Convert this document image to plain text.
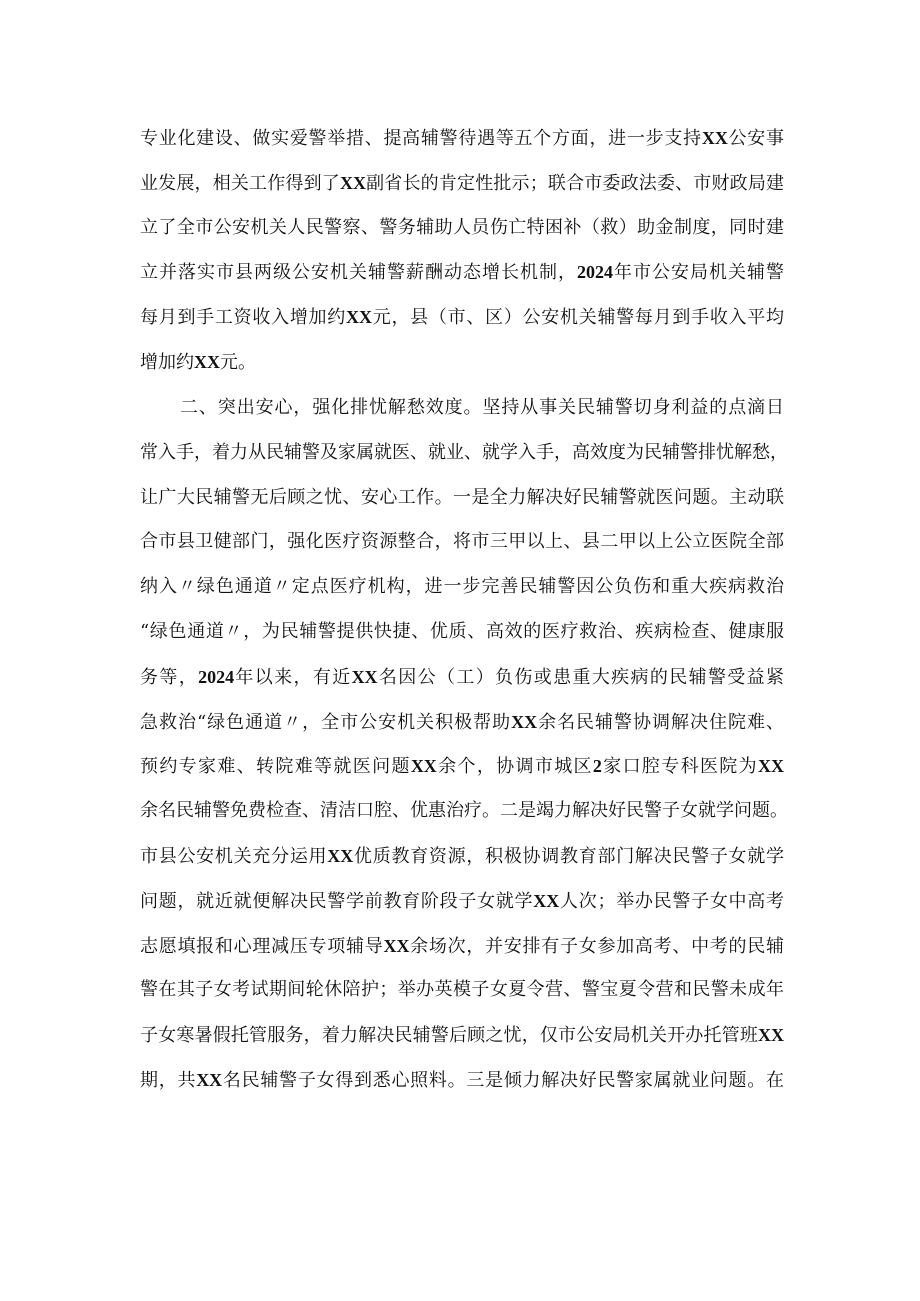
专业化建设、做实爱警举措、提高辅警待遇等五个方面，进一步支持XX公安事
业发展，相关工作得到了XX副省长的肯定性批示；联合市委政法委、市财政局建
立了全市公安机关人民警察、警务辅助人员伤亡特困补（救）助金制度，同时建
立并落实市县两级公安机关辅警薪酬动态增长机制，2024年市公安局机关辅警
每月到手工资收入增加约XX元，县（市、区）公安机关辅警每月到手收入平均
增加约XX元。
二、突出安心，强化排忧解愁效度。坚持从事关民辅警切身利益的点滴日
常入手，着力从民辅警及家属就医、就业、就学入手，高效度为民辅警排忧解愁，
让广大民辅警无后顾之忧、安心工作。一是全力解决好民辅警就医问题。主动联
合市县卫健部门，强化医疗资源整合，将市三甲以上、县二甲以上公立医院全部
纳入〃绿色通道〃定点医疗机构，进一步完善民辅警因公负伤和重大疾病救治
“绿色通道〃，为民辅警提供快捷、优质、高效的医疗救治、疾病检查、健康服
务等，2024年以来，有近XX名因公（工）负伤或患重大疾病的民辅警受益紧
急救治“绿色通道〃，全市公安机关积极帮助XX余名民辅警协调解决住院难、
预约专家难、转院难等就医问题XX余个，协调市城区2家口腔专科医院为XX
余名民辅警免费检查、清洁口腔、优惠治疗。二是竭力解决好民警子女就学问题。
市县公安机关充分运用XX优质教育资源，积极协调教育部门解决民警子女就学
问题，就近就便解决民警学前教育阶段子女就学XX人次；举办民警子女中高考
志愿填报和心理减压专项辅导XX余场次，并安排有子女参加高考、中考的民辅
警在其子女考试期间轮休陪护；举办英模子女夏令营、警宝夏令营和民警未成年
子女寒暑假托管服务，着力解决民辅警后顾之忧，仅市公安局机关开办托管班XX
期，共XX名民辅警子女得到悉心照料。三是倾力解决好民警家属就业问题。在
